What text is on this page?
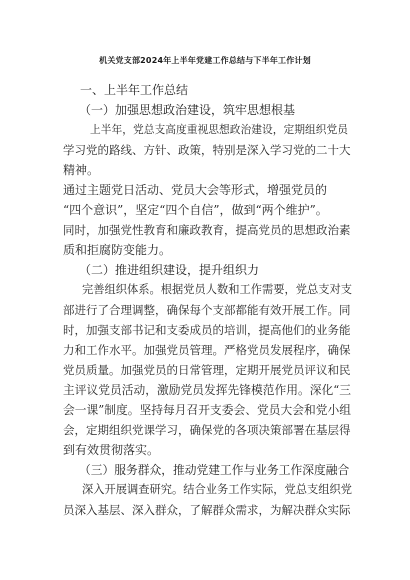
机关党支部2024年上半年党建工作总结与下半年工作计划
一、上半年工作总结
（一）加强思想政治建设，筑牢思想根基
上半年，党总支高度重视思想政治建设，定期组织党员
学习党的路线、方针、政策，特别是深入学习党的二十大
精神。
通过主题党日活动、党员大会等形式，增强党员的
“四个意识”，坚定“四个自信”，做到“两个维护”。
同时，加强党性教育和廉政教育，提高党员的思想政治素
质和拒腐防变能力。
（二）推进组织建设，提升组织力
完善组织体系。根据党员人数和工作需要，党总支对支
部进行了合理调整，确保每个支部都能有效开展工作。同
时，加强支部书记和支委成员的培训，提高他们的业务能
力和工作水平。加强党员管理。严格党员发展程序，确保
党员质量。加强党员的日常管理，定期开展党员评议和民
主评议党员活动，激励党员发挥先锋模范作用。深化“三
会一课”制度。坚持每月召开支委会、党员大会和党小组
会，定期组织党课学习，确保党的各项决策部署在基层得
到有效贯彻落实。
（三）服务群众，推动党建工作与业务工作深度融合
深入开展调查研究。结合业务工作实际，党总支组织党
员深入基层、深入群众，了解群众需求，为解决群众实际
